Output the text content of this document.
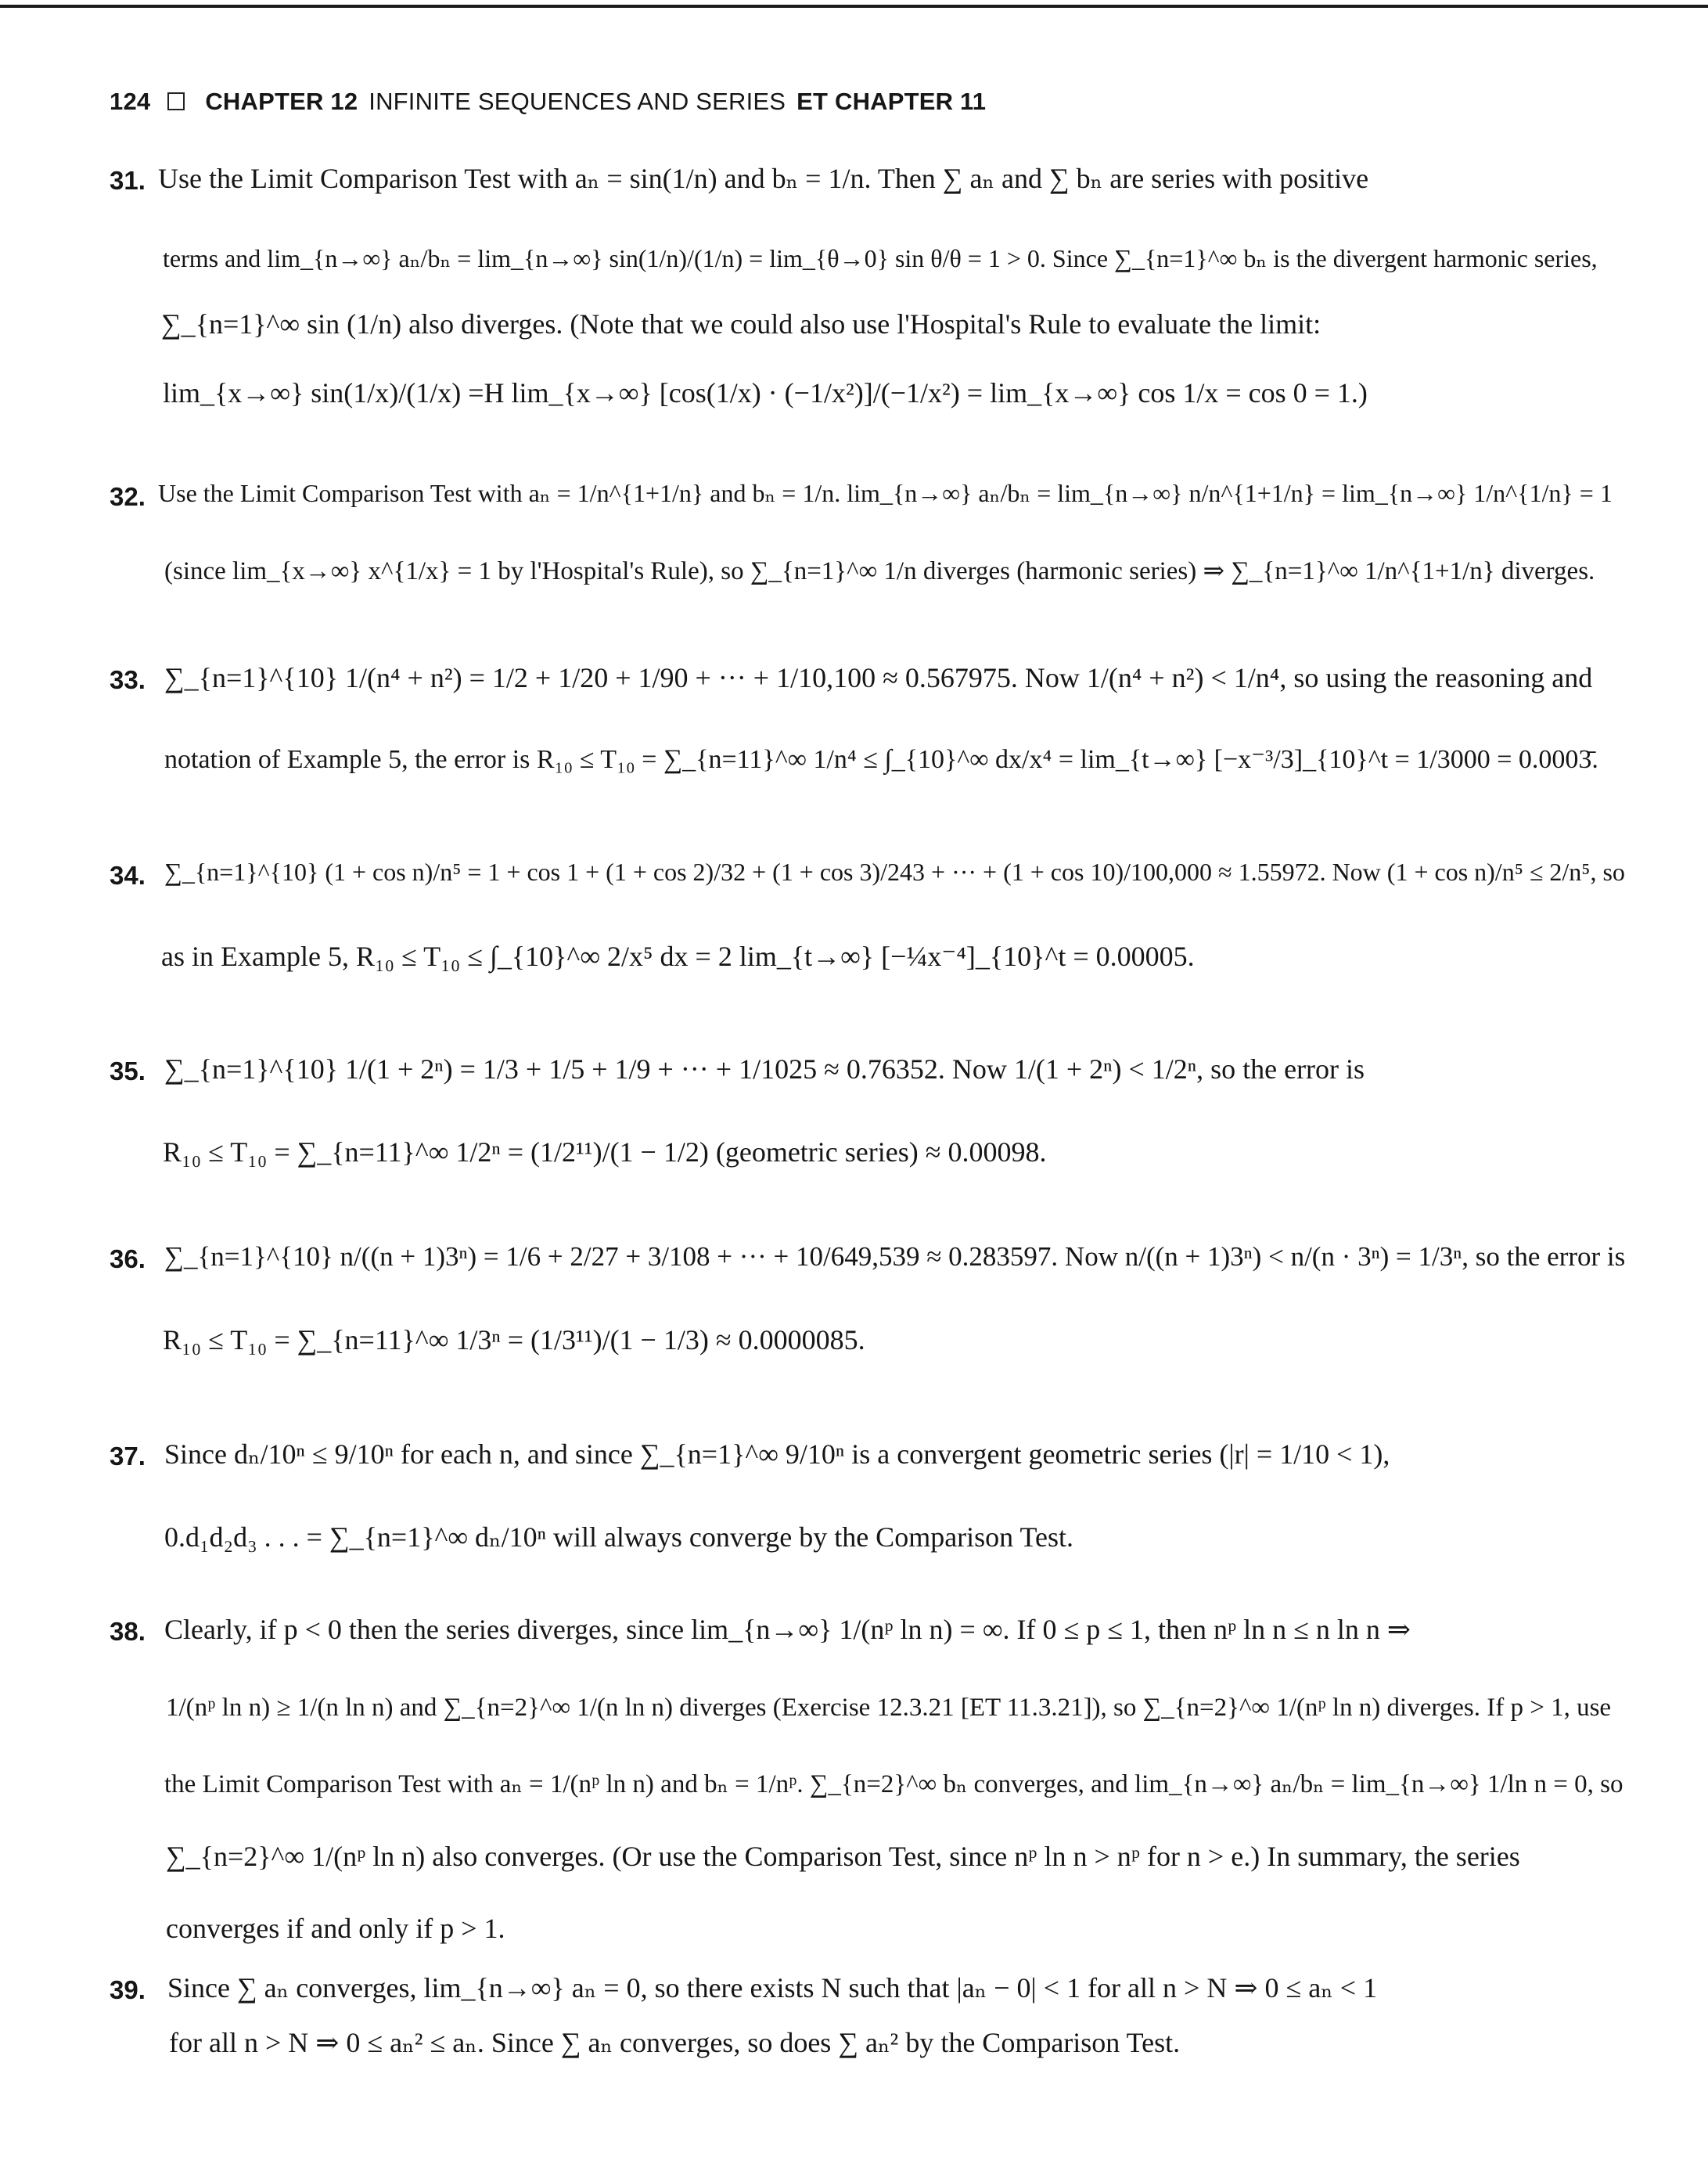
124 CHAPTER 12 INFINITE SEQUENCES AND SERIES ET CHAPTER 11
31. Use the Limit Comparison Test with aₙ = sin(1/n) and bₙ = 1/n. Then ∑ aₙ and ∑ bₙ are series with positive
terms and lim_{n→∞} aₙ/bₙ = lim_{n→∞} sin(1/n)/(1/n) = lim_{θ→0} sin θ/θ = 1 > 0. Since ∑_{n=1}^∞ bₙ is the divergent harmonic series,
∑_{n=1}^∞ sin (1/n) also diverges. (Note that we could also use l'Hospital's Rule to evaluate the limit:
lim_{x→∞} sin(1/x)/(1/x) =H lim_{x→∞} [cos(1/x) · (−1/x²)]/(−1/x²) = lim_{x→∞} cos 1/x = cos 0 = 1.)
32. Use the Limit Comparison Test with aₙ = 1/n^{1+1/n} and bₙ = 1/n. lim_{n→∞} aₙ/bₙ = lim_{n→∞} n/n^{1+1/n} = lim_{n→∞} 1/n^{1/n} = 1
(since lim_{x→∞} x^{1/x} = 1 by l'Hospital's Rule), so ∑_{n=1}^∞ 1/n diverges (harmonic series) ⇒ ∑_{n=1}^∞ 1/n^{1+1/n} diverges.
33. ∑_{n=1}^{10} 1/(n⁴ + n²) = 1/2 + 1/20 + 1/90 + ··· + 1/10,100 ≈ 0.567975. Now 1/(n⁴ + n²) < 1/n⁴, so using the reasoning and
notation of Example 5, the error is R₁₀ ≤ T₁₀ = ∑_{n=11}^∞ 1/n⁴ ≤ ∫_{10}^∞ dx/x⁴ = lim_{t→∞} [−x⁻³/3]_{10}^t = 1/3000 = 0.0003̄.
34. ∑_{n=1}^{10} (1 + cos n)/n⁵ = 1 + cos 1 + (1 + cos 2)/32 + (1 + cos 3)/243 + ··· + (1 + cos 10)/100,000 ≈ 1.55972. Now (1 + cos n)/n⁵ ≤ 2/n⁵, so
as in Example 5, R₁₀ ≤ T₁₀ ≤ ∫_{10}^∞ 2/x⁵ dx = 2 lim_{t→∞} [−¼x⁻⁴]_{10}^t = 0.00005.
35. ∑_{n=1}^{10} 1/(1 + 2ⁿ) = 1/3 + 1/5 + 1/9 + ··· + 1/1025 ≈ 0.76352. Now 1/(1 + 2ⁿ) < 1/2ⁿ, so the error is
R₁₀ ≤ T₁₀ = ∑_{n=11}^∞ 1/2ⁿ = (1/2¹¹)/(1 − 1/2) (geometric series) ≈ 0.00098.
36. ∑_{n=1}^{10} n/((n + 1)3ⁿ) = 1/6 + 2/27 + 3/108 + ··· + 10/649,539 ≈ 0.283597. Now n/((n + 1)3ⁿ) < n/(n · 3ⁿ) = 1/3ⁿ, so the error is
R₁₀ ≤ T₁₀ = ∑_{n=11}^∞ 1/3ⁿ = (1/3¹¹)/(1 − 1/3) ≈ 0.0000085.
37. Since dₙ/10ⁿ ≤ 9/10ⁿ for each n, and since ∑_{n=1}^∞ 9/10ⁿ is a convergent geometric series (|r| = 1/10 < 1),
0.d₁d₂d₃ . . . = ∑_{n=1}^∞ dₙ/10ⁿ will always converge by the Comparison Test.
38. Clearly, if p < 0 then the series diverges, since lim_{n→∞} 1/(nᵖ ln n) = ∞. If 0 ≤ p ≤ 1, then nᵖ ln n ≤ n ln n ⇒
1/(nᵖ ln n) ≥ 1/(n ln n) and ∑_{n=2}^∞ 1/(n ln n) diverges (Exercise 12.3.21 [ET 11.3.21]), so ∑_{n=2}^∞ 1/(nᵖ ln n) diverges. If p > 1, use
the Limit Comparison Test with aₙ = 1/(nᵖ ln n) and bₙ = 1/nᵖ. ∑_{n=2}^∞ bₙ converges, and lim_{n→∞} aₙ/bₙ = lim_{n→∞} 1/ln n = 0, so
∑_{n=2}^∞ 1/(nᵖ ln n) also converges. (Or use the Comparison Test, since nᵖ ln n > nᵖ for n > e.) In summary, the series
converges if and only if p > 1.
39. Since ∑ aₙ converges, lim_{n→∞} aₙ = 0, so there exists N such that |aₙ − 0| < 1 for all n > N ⇒ 0 ≤ aₙ < 1
for all n > N ⇒ 0 ≤ aₙ² ≤ aₙ. Since ∑ aₙ converges, so does ∑ aₙ² by the Comparison Test.
